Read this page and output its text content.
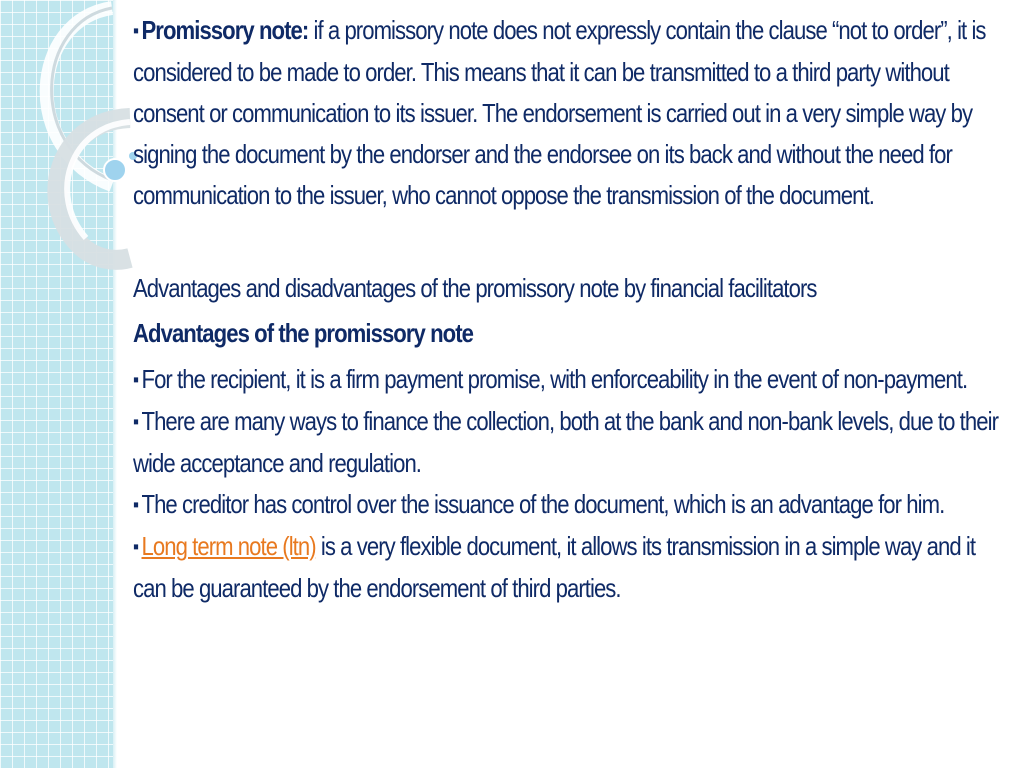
▪ Promissory note: if a promissory note does not expressly contain the clause “not to order”, it is considered to be made to order. This means that it can be transmitted to a third party without consent or communication to its issuer. The endorsement is carried out in a very simple way by signing the document by the endorser and the endorsee on its back and without the need for communication to the issuer, who cannot oppose the transmission of the document.

Advantages and disadvantages of the promissory note by financial facilitators

Advantages of the promissory note

▪ For the recipient, it is a firm payment promise, with enforceability in the event of non-payment.

▪ There are many ways to finance the collection, both at the bank and non-bank levels, due to their wide acceptance and regulation.

▪ The creditor has control over the issuance of the document, which is an advantage for him.

▪ Long term note (ltn) is a very flexible document, it allows its transmission in a simple way and it can be guaranteed by the endorsement of third parties.
